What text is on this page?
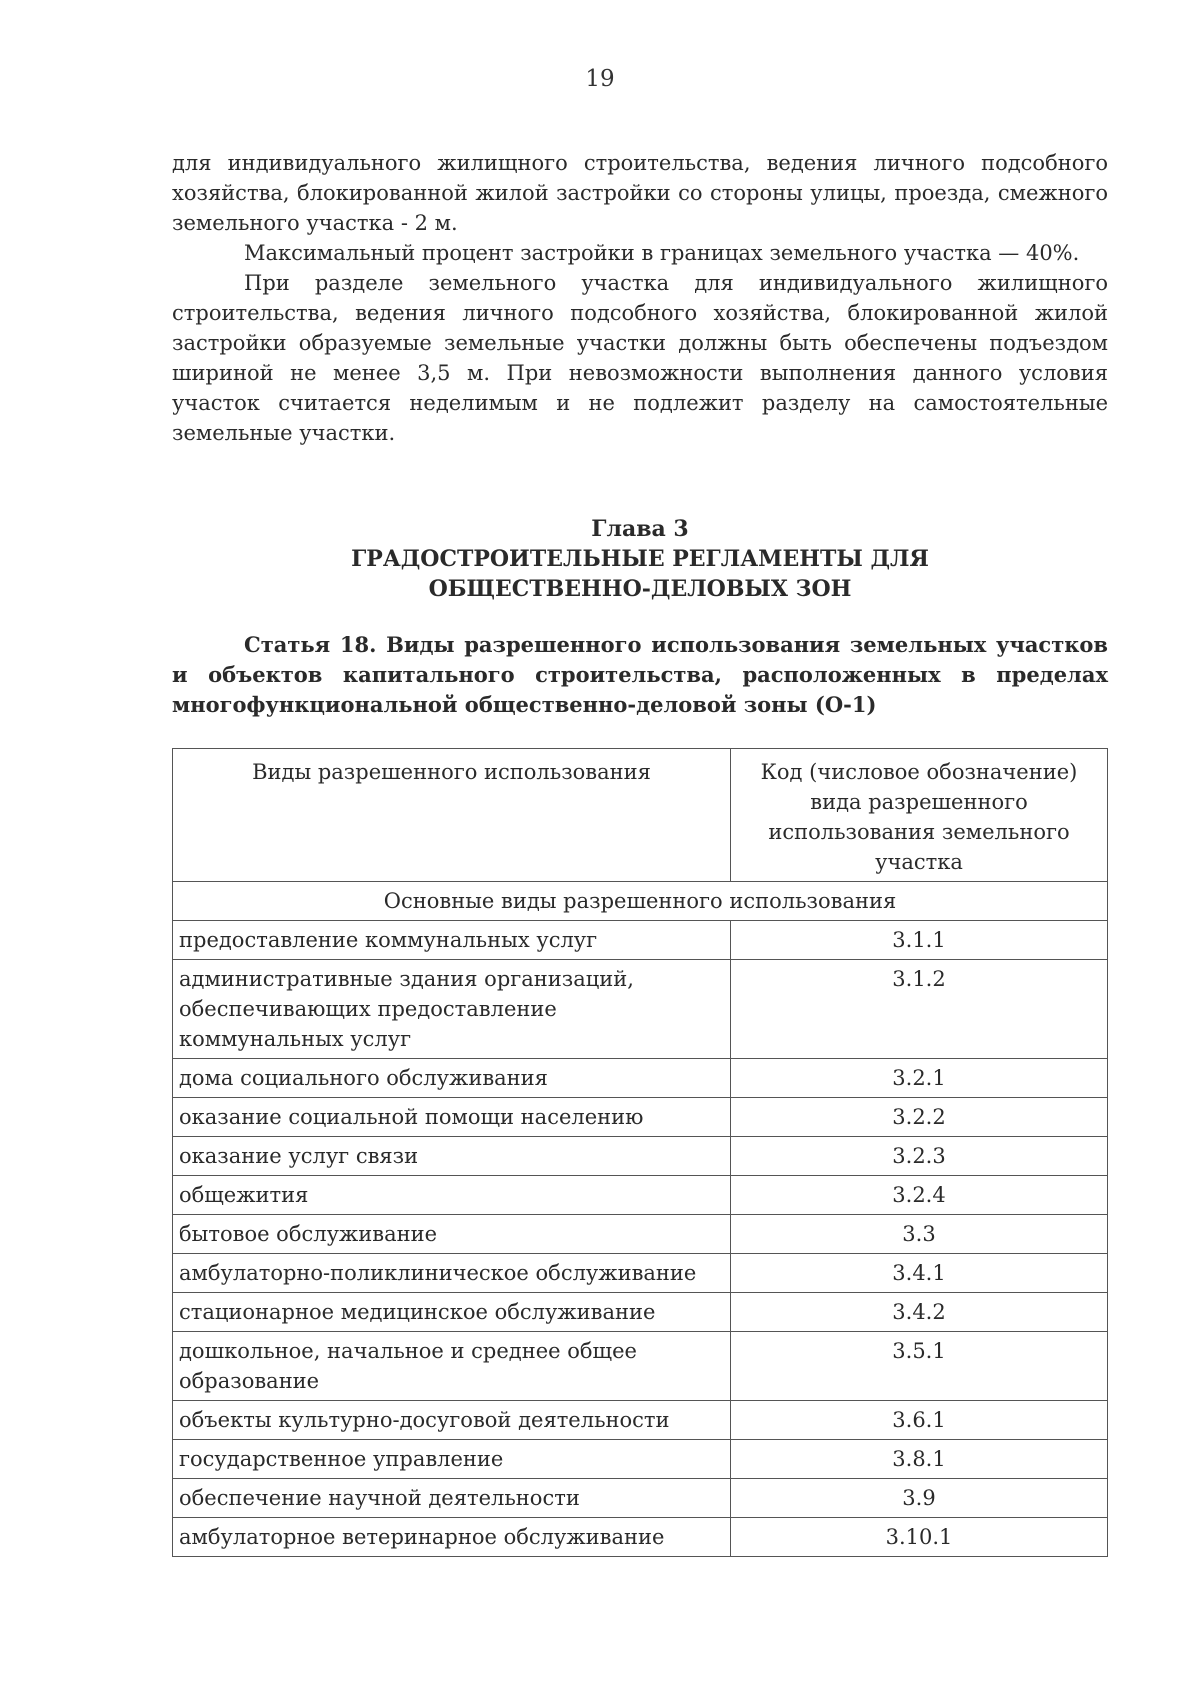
19

для индивидуального жилищного строительства, ведения личного подсобного хозяйства, блокированной жилой застройки со стороны улицы, проезда, смежного земельного участка - 2 м.

Максимальный процент застройки в границах земельного участка — 40%.

При разделе земельного участка для индивидуального жилищного строительства, ведения личного подсобного хозяйства, блокированной жилой застройки образуемые земельные участки должны быть обеспечены подъездом шириной не менее 3,5 м. При невозможности выполнения данного условия участок считается неделимым и не подлежит разделу на самостоятельные земельные участки.

Глава 3
ГРАДОСТРОИТЕЛЬНЫЕ РЕГЛАМЕНТЫ ДЛЯ
ОБЩЕСТВЕННО-ДЕЛОВЫХ ЗОН
Статья 18. Виды разрешенного использования земельных участков и объектов капитального строительства, расположенных в пределах многофункциональной общественно-деловой зоны (О-1)
Виды разрешенного использования	Код (числовое обозначение) вида разрешенного использования земельного участка
Основные виды разрешенного использования	
предоставление коммунальных услуг	3.1.1
административные здания организаций, обеспечивающих предоставление коммунальных услуг	3.1.2
дома социального обслуживания	3.2.1
оказание социальной помощи населению	3.2.2
оказание услуг связи	3.2.3
общежития	3.2.4
бытовое обслуживание	3.3
амбулаторно-поликлиническое обслуживание	3.4.1
стационарное медицинское обслуживание	3.4.2
дошкольное, начальное и среднее общее образование	3.5.1
объекты культурно-досуговой деятельности	3.6.1
государственное управление	3.8.1
обеспечение научной деятельности	3.9
амбулаторное ветеринарное обслуживание	3.10.1
